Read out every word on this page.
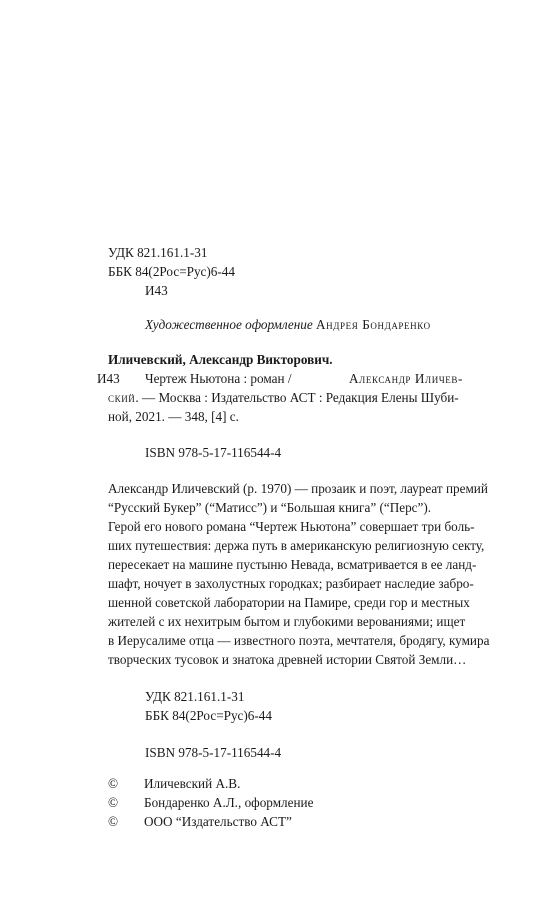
УДК 821.161.1-31
ББК 84(2Рос=Рус)6-44
И43
Художественное оформление Андрея Бондаренко
Иличевский, Александр Викторович.
И43 Чертеж Ньютона : роман /	Александр Иличев-
ский. — Москва : Издательство АСТ : Редакция Елены Шуби-
ной, 2021. — 348, [4] с.
ISBN 978-5-17-116544-4
Александр Иличевский (р. 1970) — прозаик и поэт, лауреат премий
“Русский Букер” (“Матисс”) и “Большая книга” (“Перс”).
Герой его нового романа “Чертеж Ньютона” совершает три боль-
ших путешествия: держа путь в американскую религиозную секту,
пересекает на машине пустыню Невада, всматривается в ее ланд-
шафт, ночует в захолустных городках; разбирает наследие забро-
шенной советской лаборатории на Памире, среди гор и местных
жителей с их нехитрым бытом и глубокими верованиями; ищет
в Иерусалиме отца — известного поэта, мечтателя, бродягу, кумира
творческих тусовок и знатока древней истории Святой Земли…
УДК 821.161.1-31
ББК 84(2Рос=Рус)6-44
ISBN 978-5-17-116544-4
© Иличевский А.В.
© Бондаренко А.Л., оформление
© ООО “Издательство АСТ”
